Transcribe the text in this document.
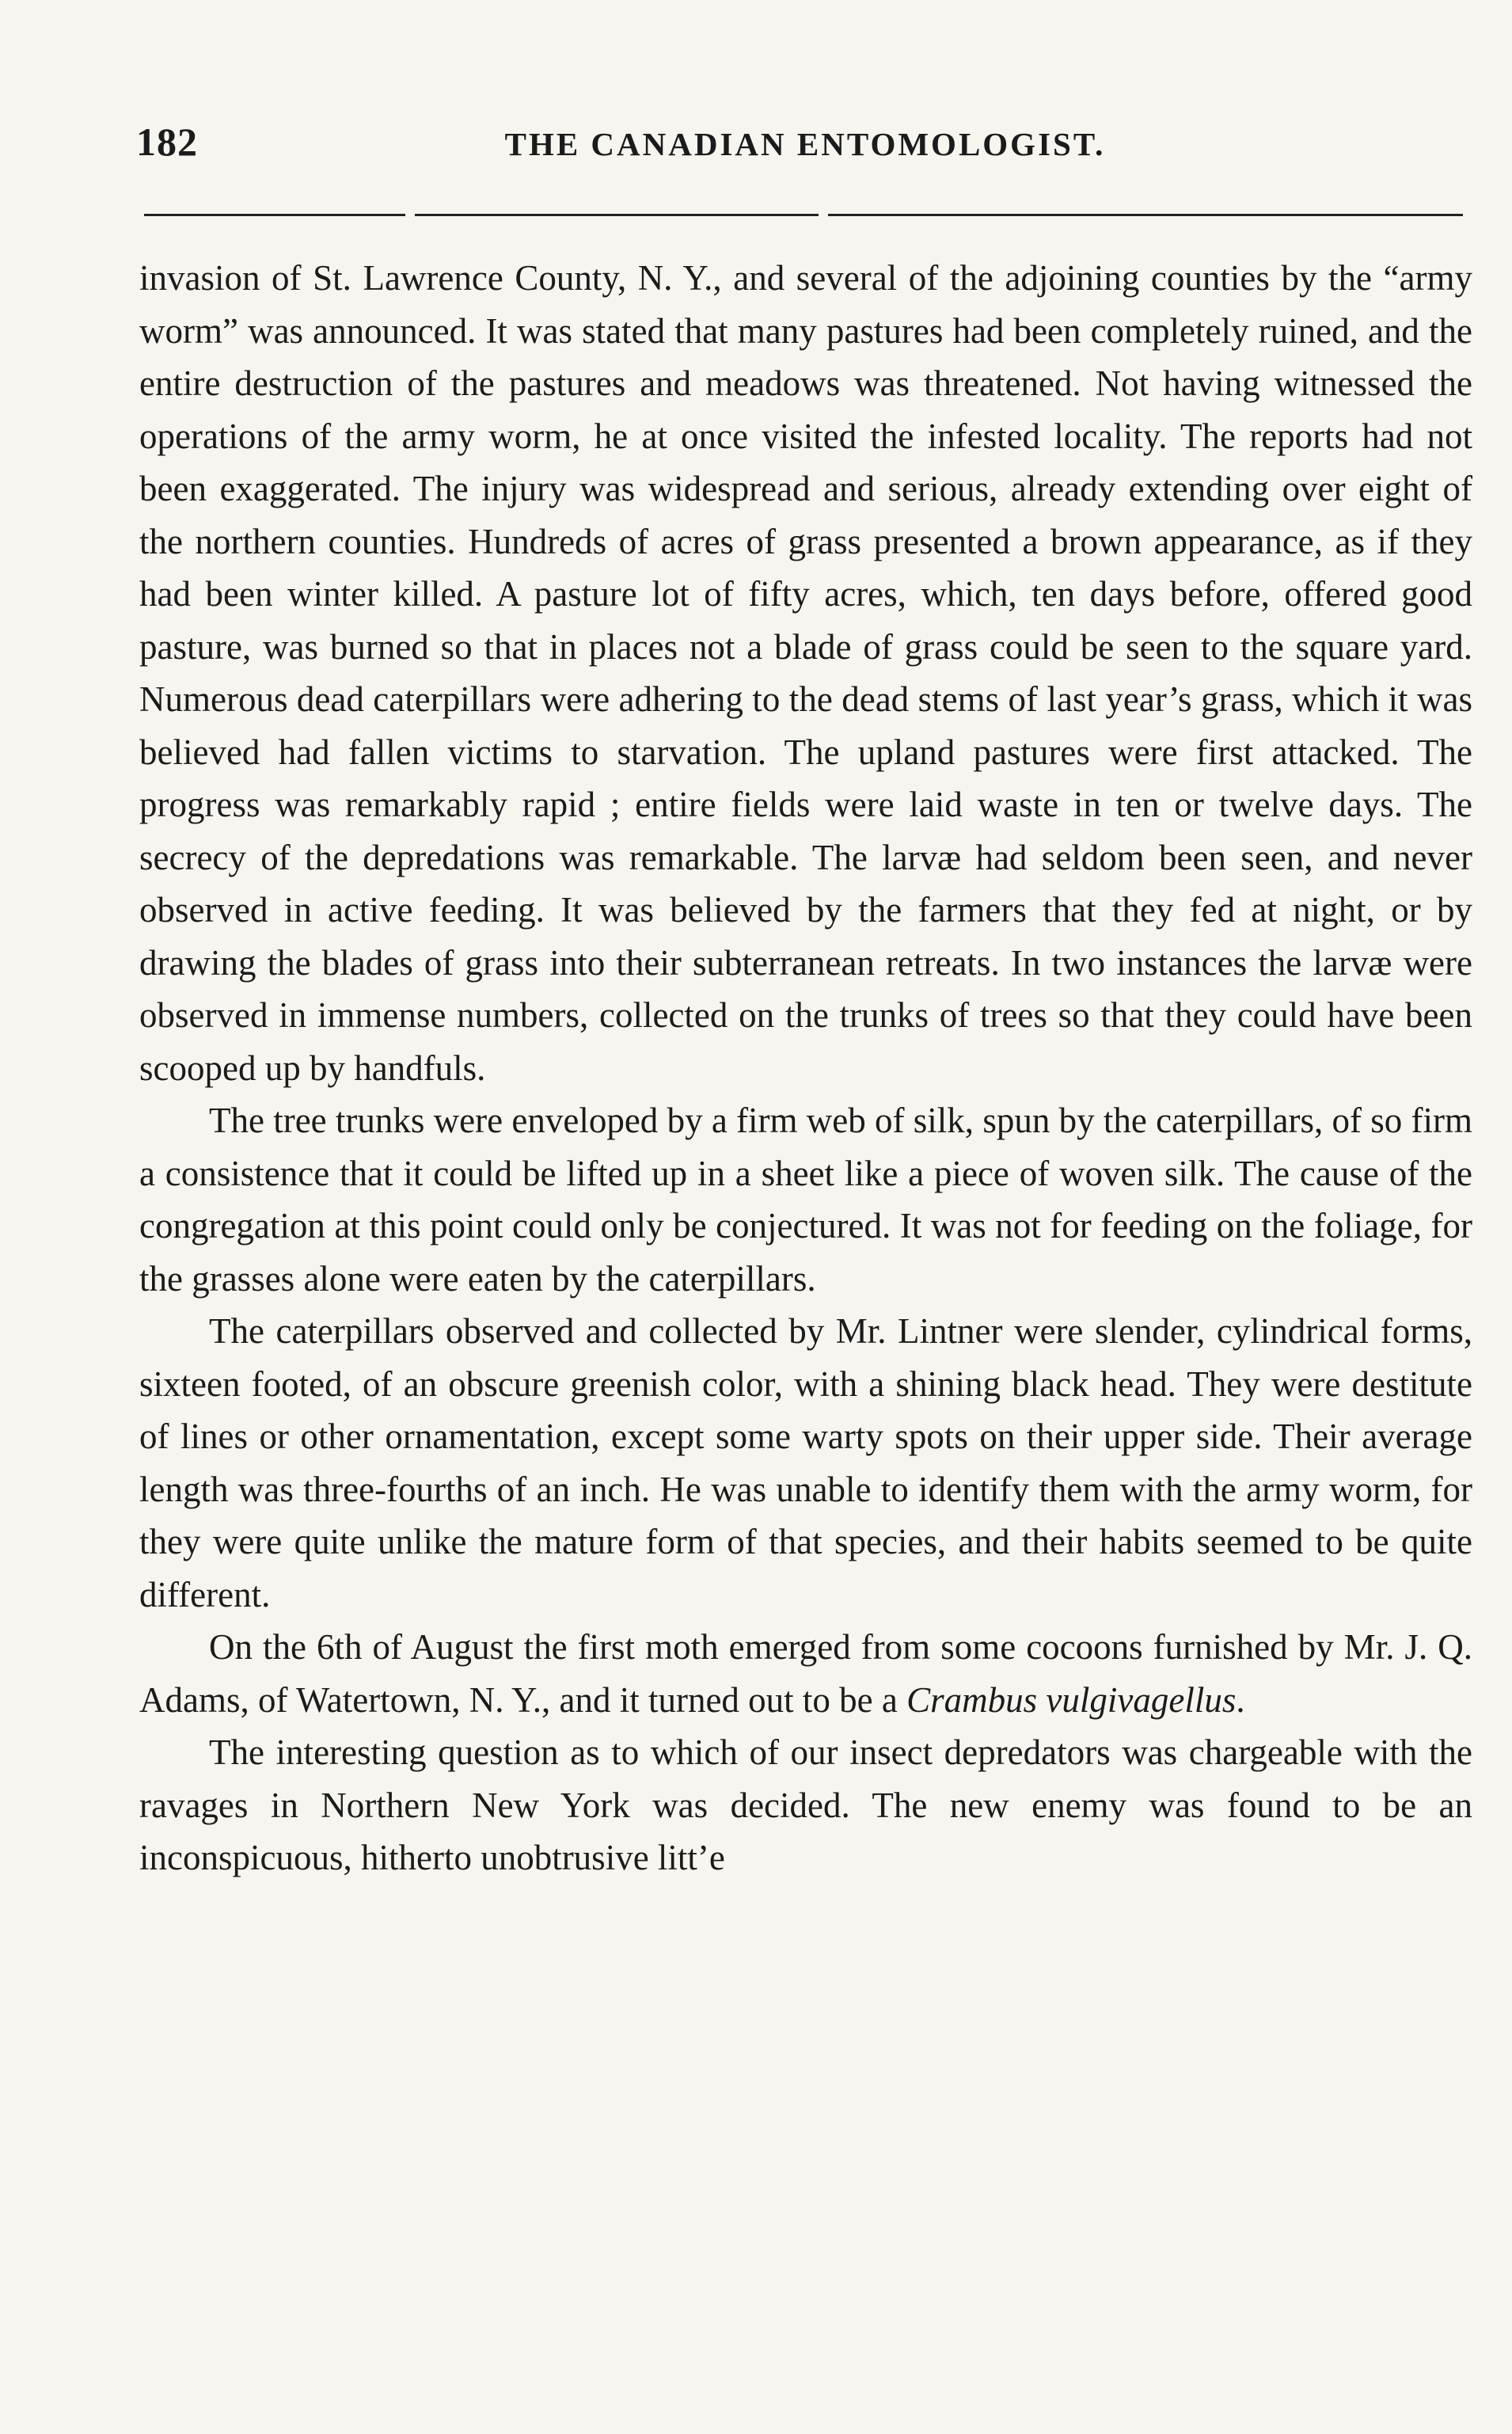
182	THE CANADIAN ENTOMOLOGIST.

invasion of St. Lawrence County, N. Y., and several of the adjoining counties by the “army worm” was announced. It was stated that many pastures had been completely ruined, and the entire destruction of the pastures and meadows was threatened. Not having witnessed the operations of the army worm, he at once visited the infested locality. The reports had not been exaggerated. The injury was widespread and serious, already extending over eight of the northern counties. Hundreds of acres of grass presented a brown appearance, as if they had been winter killed. A pasture lot of fifty acres, which, ten days before, offered good pasture, was burned so that in places not a blade of grass could be seen to the square yard. Numerous dead caterpillars were adhering to the dead stems of last year’s grass, which it was believed had fallen victims to starvation. The upland pastures were first attacked. The progress was remarkably rapid ; entire fields were laid waste in ten or twelve days. The secrecy of the depredations was remarkable. The larvæ had seldom been seen, and never observed in active feeding. It was believed by the farmers that they fed at night, or by drawing the blades of grass into their subterranean retreats. In two instances the larvæ were observed in immense numbers, collected on the trunks of trees so that they could have been scooped up by handfuls.

The tree trunks were enveloped by a firm web of silk, spun by the caterpillars, of so firm a consistence that it could be lifted up in a sheet like a piece of woven silk. The cause of the congregation at this point could only be conjectured. It was not for feeding on the foliage, for the grasses alone were eaten by the caterpillars.

The caterpillars observed and collected by Mr. Lintner were slender, cylindrical forms, sixteen footed, of an obscure greenish color, with a shining black head. They were destitute of lines or other ornamentation, except some warty spots on their upper side. Their average length was three-fourths of an inch. He was unable to identify them with the army worm, for they were quite unlike the mature form of that species, and their habits seemed to be quite different.

On the 6th of August the first moth emerged from some cocoons furnished by Mr. J. Q. Adams, of Watertown, N. Y., and it turned out to be a Crambus vulgivagellus.

The interesting question as to which of our insect depredators was chargeable with the ravages in Northern New York was decided. The new enemy was found to be an inconspicuous, hitherto unobtrusive litt’e
